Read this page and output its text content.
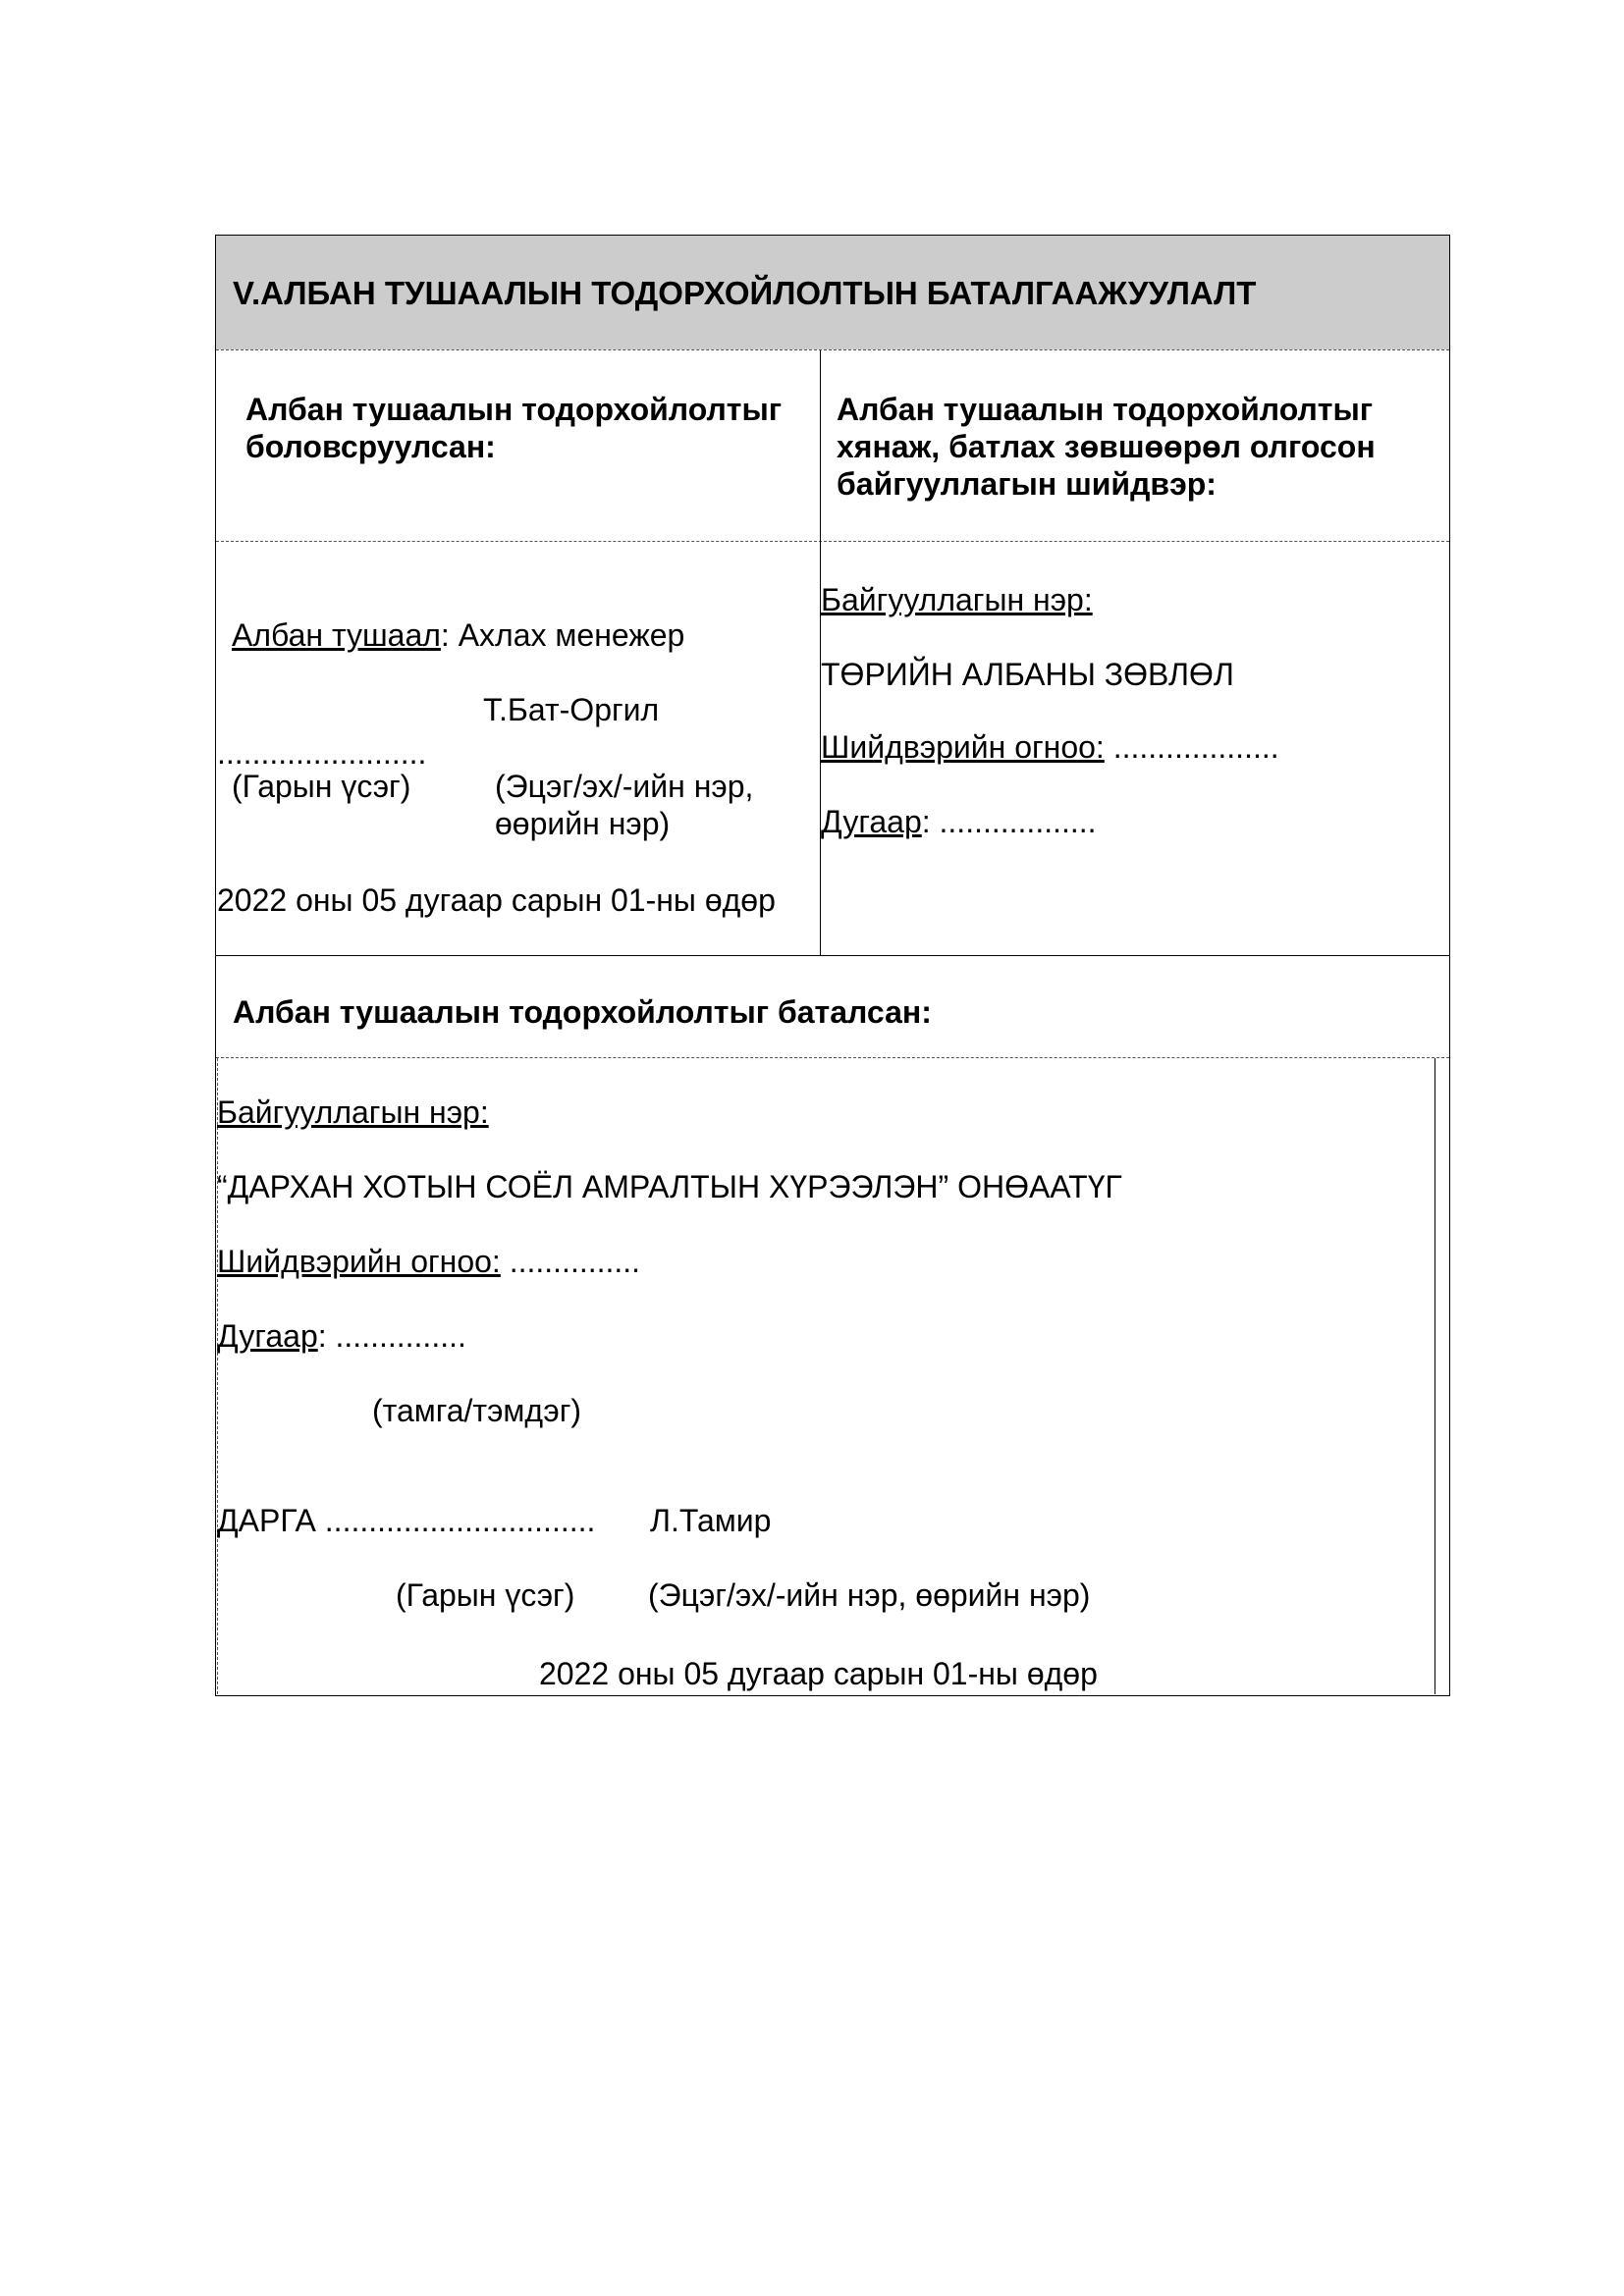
V.АЛБАН ТУШААЛЫН ТОДОРХОЙЛОЛТЫН БАТАЛГААЖУУЛАЛТ
Албан тушаалын тодорхойлолтыг
боловсруулсан:
Албан тушаалын тодорхойлолтыг
хянаж, батлах зөвшөөрөл олгосон
байгууллагын шийдвэр:
Албан тушаал: Ахлах менежер
Т.Бат-Оргил
........................
(Гарын үсэг)	(Эцэг/эх/-ийн нэр,
өөрийн нэр)
2022 оны 05 дугаар сарын 01-ны өдөр
Байгууллагын нэр:
ТӨРИЙН АЛБАНЫ ЗӨВЛӨЛ
Шийдвэрийн огноо: ...................
Дугаар: ..................
Албан тушаалын тодорхойлолтыг баталсан:
Байгууллагын нэр:
“ДАРХАН ХОТЫН СОЁЛ АМРАЛТЫН ХҮРЭЭЛЭН” ОНӨААТҮГ
Шийдвэрийн огноо: ...............
Дугаар: ...............
(тамга/тэмдэг)
ДАРГА ............................... Л.Тамир
(Гарын үсэг) (Эцэг/эх/-ийн нэр, өөрийн нэр)
2022 оны 05 дугаар сарын 01-ны өдөр
